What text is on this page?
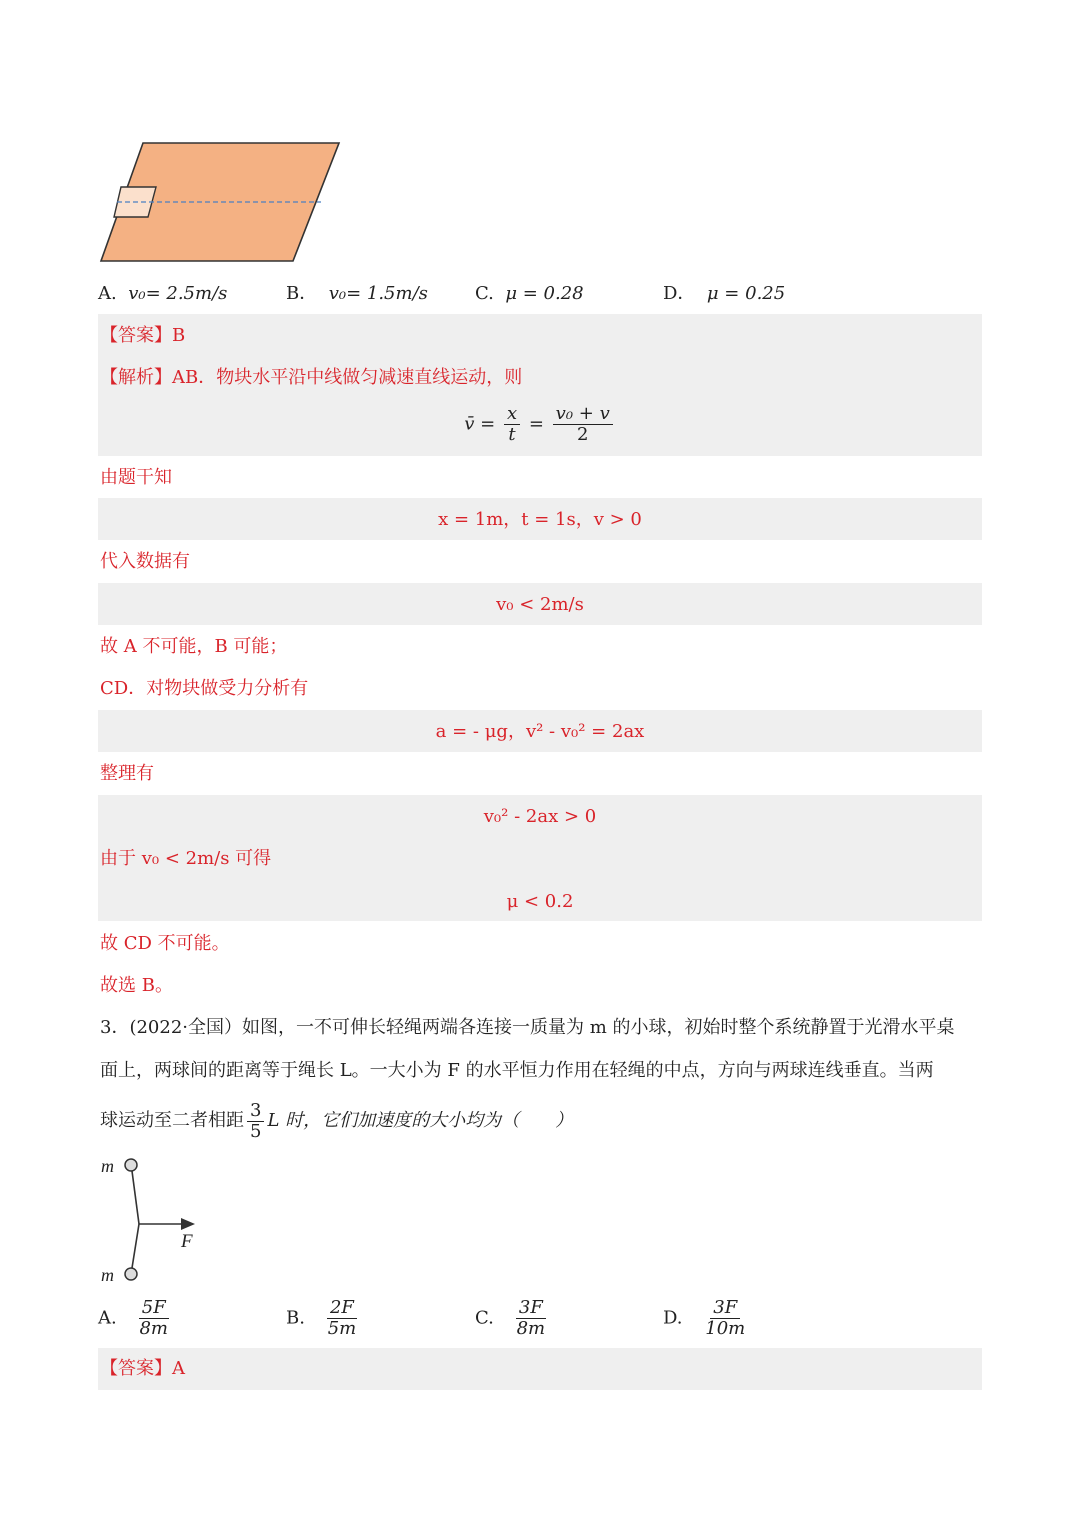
A. v₀= 2.5m/s	B． v₀= 1.5m/s	C. μ = 0.28	D． μ = 0.25
【答案】B
【解析】AB．物块水平沿中线做匀减速直线运动，则
v̄ = $\frac{x}{t} = \frac{\text{v₀ + v}}{2}$
由题干知
x = 1m，t = 1s，v > 0
代入数据有
v₀ < 2m/s
故 A 不可能，B 可能；
CD．对物块做受力分析有
a = - μg，v² - v₀² = 2ax
整理有
v₀² - 2ax > 0
由于 v₀ < 2m/s 可得
μ < 0.2
故 CD 不可能。
故选 B。
3．(2022·全国）如图，一不可伸长轻绳两端各连接一质量为 m 的小球，初始时整个系统静置于光滑水平桌
面上，两球间的距离等于绳长 L。一大小为 F 的水平恒力作用在轻绳的中点，方向与两球连线垂直。当两
球运动至二者相距 $\frac{3}{5}$ L 时，它们加速度的大小均为（　　）
m
m
F
A. $\frac{5F}{8m}$	B. $\frac{2F}{5m}$	C. $\frac{3F}{8m}$	D. $\frac{3F}{10m}$
【答案】A
